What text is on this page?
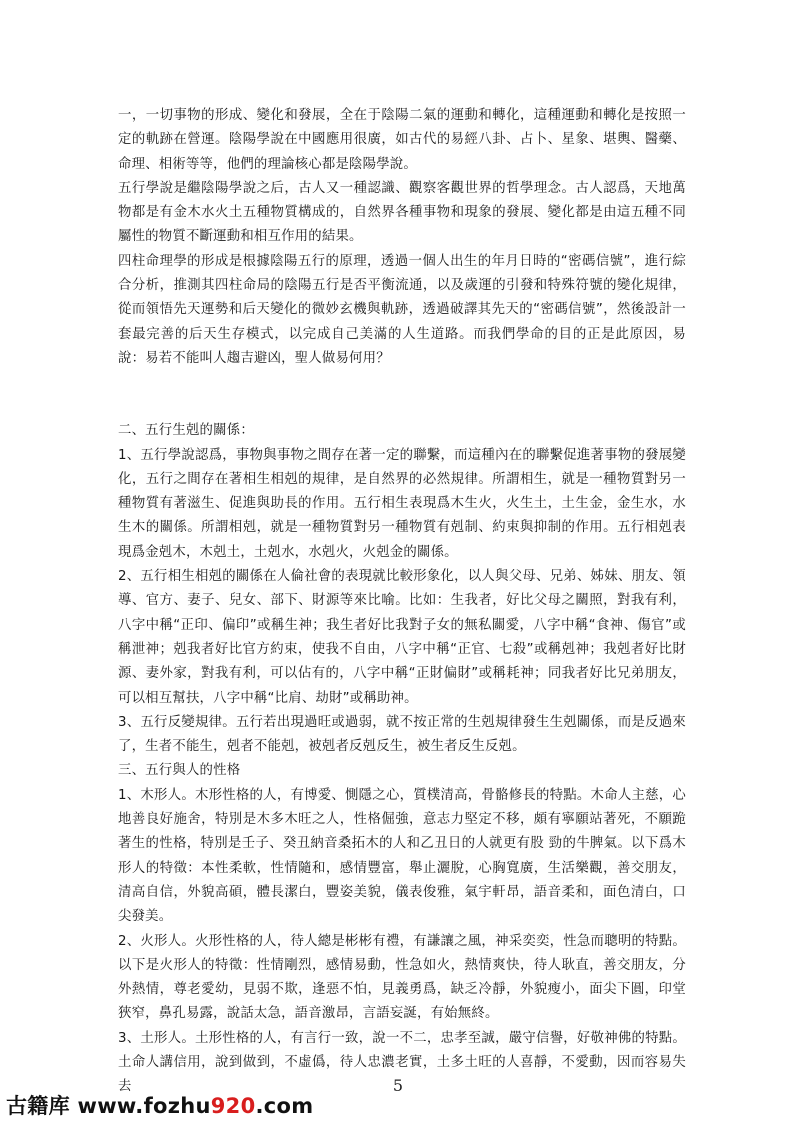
一，一切事物的形成、變化和發展，全在于陰陽二氣的運動和轉化，這種運動和轉化是按照一定的軌跡在營運。陰陽學說在中國應用很廣，如古代的易經八卦、占卜、星象、堪輿、醫藥、命理、相術等等，他們的理論核心都是陰陽學說。

五行學說是繼陰陽學說之后，古人又一種認識、觀察客觀世界的哲學理念。古人認爲，天地萬物都是有金木水火土五種物質構成的，自然界各種事物和現象的發展、變化都是由這五種不同屬性的物質不斷運動和相互作用的結果。

四柱命理學的形成是根據陰陽五行的原理，透過一個人出生的年月日時的“密碼信號”，進行綜合分析，推測其四柱命局的陰陽五行是否平衡流通，以及歲運的引發和特殊符號的變化規律，從而領悟先天運勢和后天變化的微妙玄機與軌跡，透過破譯其先天的“密碼信號”，然後設計一套最完善的后天生存模式，以完成自己美滿的人生道路。而我們學命的目的正是此原因，易說：易若不能叫人趨吉避凶，聖人做易何用？

二、五行生剋的關係：

1、五行學說認爲，事物與事物之間存在著一定的聯繫，而這種內在的聯繫促進著事物的發展變化，五行之間存在著相生相剋的規律，是自然界的必然規律。所謂相生，就是一種物質對另一種物質有著滋生、促進與助長的作用。五行相生表現爲木生火，火生土，土生金，金生水，水生木的關係。所謂相剋，就是一種物質對另一種物質有剋制、約束與抑制的作用。五行相剋表現爲金剋木，木剋土，土剋水，水剋火，火剋金的關係。

2、五行相生相剋的關係在人倫社會的表現就比較形象化，以人與父母、兄弟、姊妹、朋友、領導、官方、妻子、兒女、部下、財源等來比喻。比如：生我者，好比父母之關照，對我有利，八字中稱“正印、偏印”或稱生神；我生者好比我對子女的無私關愛，八字中稱“食神、傷官”或稱泄神；剋我者好比官方約束，使我不自由，八字中稱“正官、七殺”或稱剋神；我剋者好比財源、妻外家，對我有利，可以佔有的，八字中稱“正財偏財”或稱耗神；同我者好比兄弟朋友，可以相互幫扶，八字中稱“比肩、劫財”或稱助神。

3、五行反變規律。五行若出現過旺或過弱，就不按正常的生剋規律發生生剋關係，而是反過來了，生者不能生，剋者不能剋，被剋者反剋反生，被生者反生反剋。

三、五行與人的性格

1、木形人。木形性格的人，有博愛、惻隱之心，質樸清高，骨骼修長的特點。木命人主慈，心地善良好施舍，特別是木多木旺之人，性格倔強，意志力堅定不移，頗有寧願站著死，不願跪著生的性格，特別是壬子、癸丑納音桑拓木的人和乙丑日的人就更有股 勁的牛脾氣。以下爲木形人的特徵：本性柔軟，性情隨和，感情豐富，舉止灑脫，心胸寬廣，生活樂觀，善交朋友，清高自信，外貌高碩，體長潔白，豐姿美貌，儀表俊雅，氣宇軒昂，語音柔和，面色清白，口尖發美。

2、火形人。火形性格的人，待人總是彬彬有禮，有謙讓之風，神采奕奕，性急而聰明的特點。以下是火形人的特徵：性情剛烈，感情易動，性急如火，熱情爽快，待人耿直，善交朋友，分外熱情，尊老愛幼，見弱不欺，逢惡不怕，見義勇爲，缺乏冷靜，外貌瘦小，面尖下圓，印堂狹窄，鼻孔易露，說話太急，語音激昂，言語妄誕，有始無終。

3、土形人。土形性格的人，有言行一致，說一不二，忠孝至誠，嚴守信譽，好敬神佛的特點。土命人講信用，說到做到，不虛僞，待人忠濃老實，土多土旺的人喜靜，不愛動，因而容易失去	5
古籍库 www.fozhu920.com
